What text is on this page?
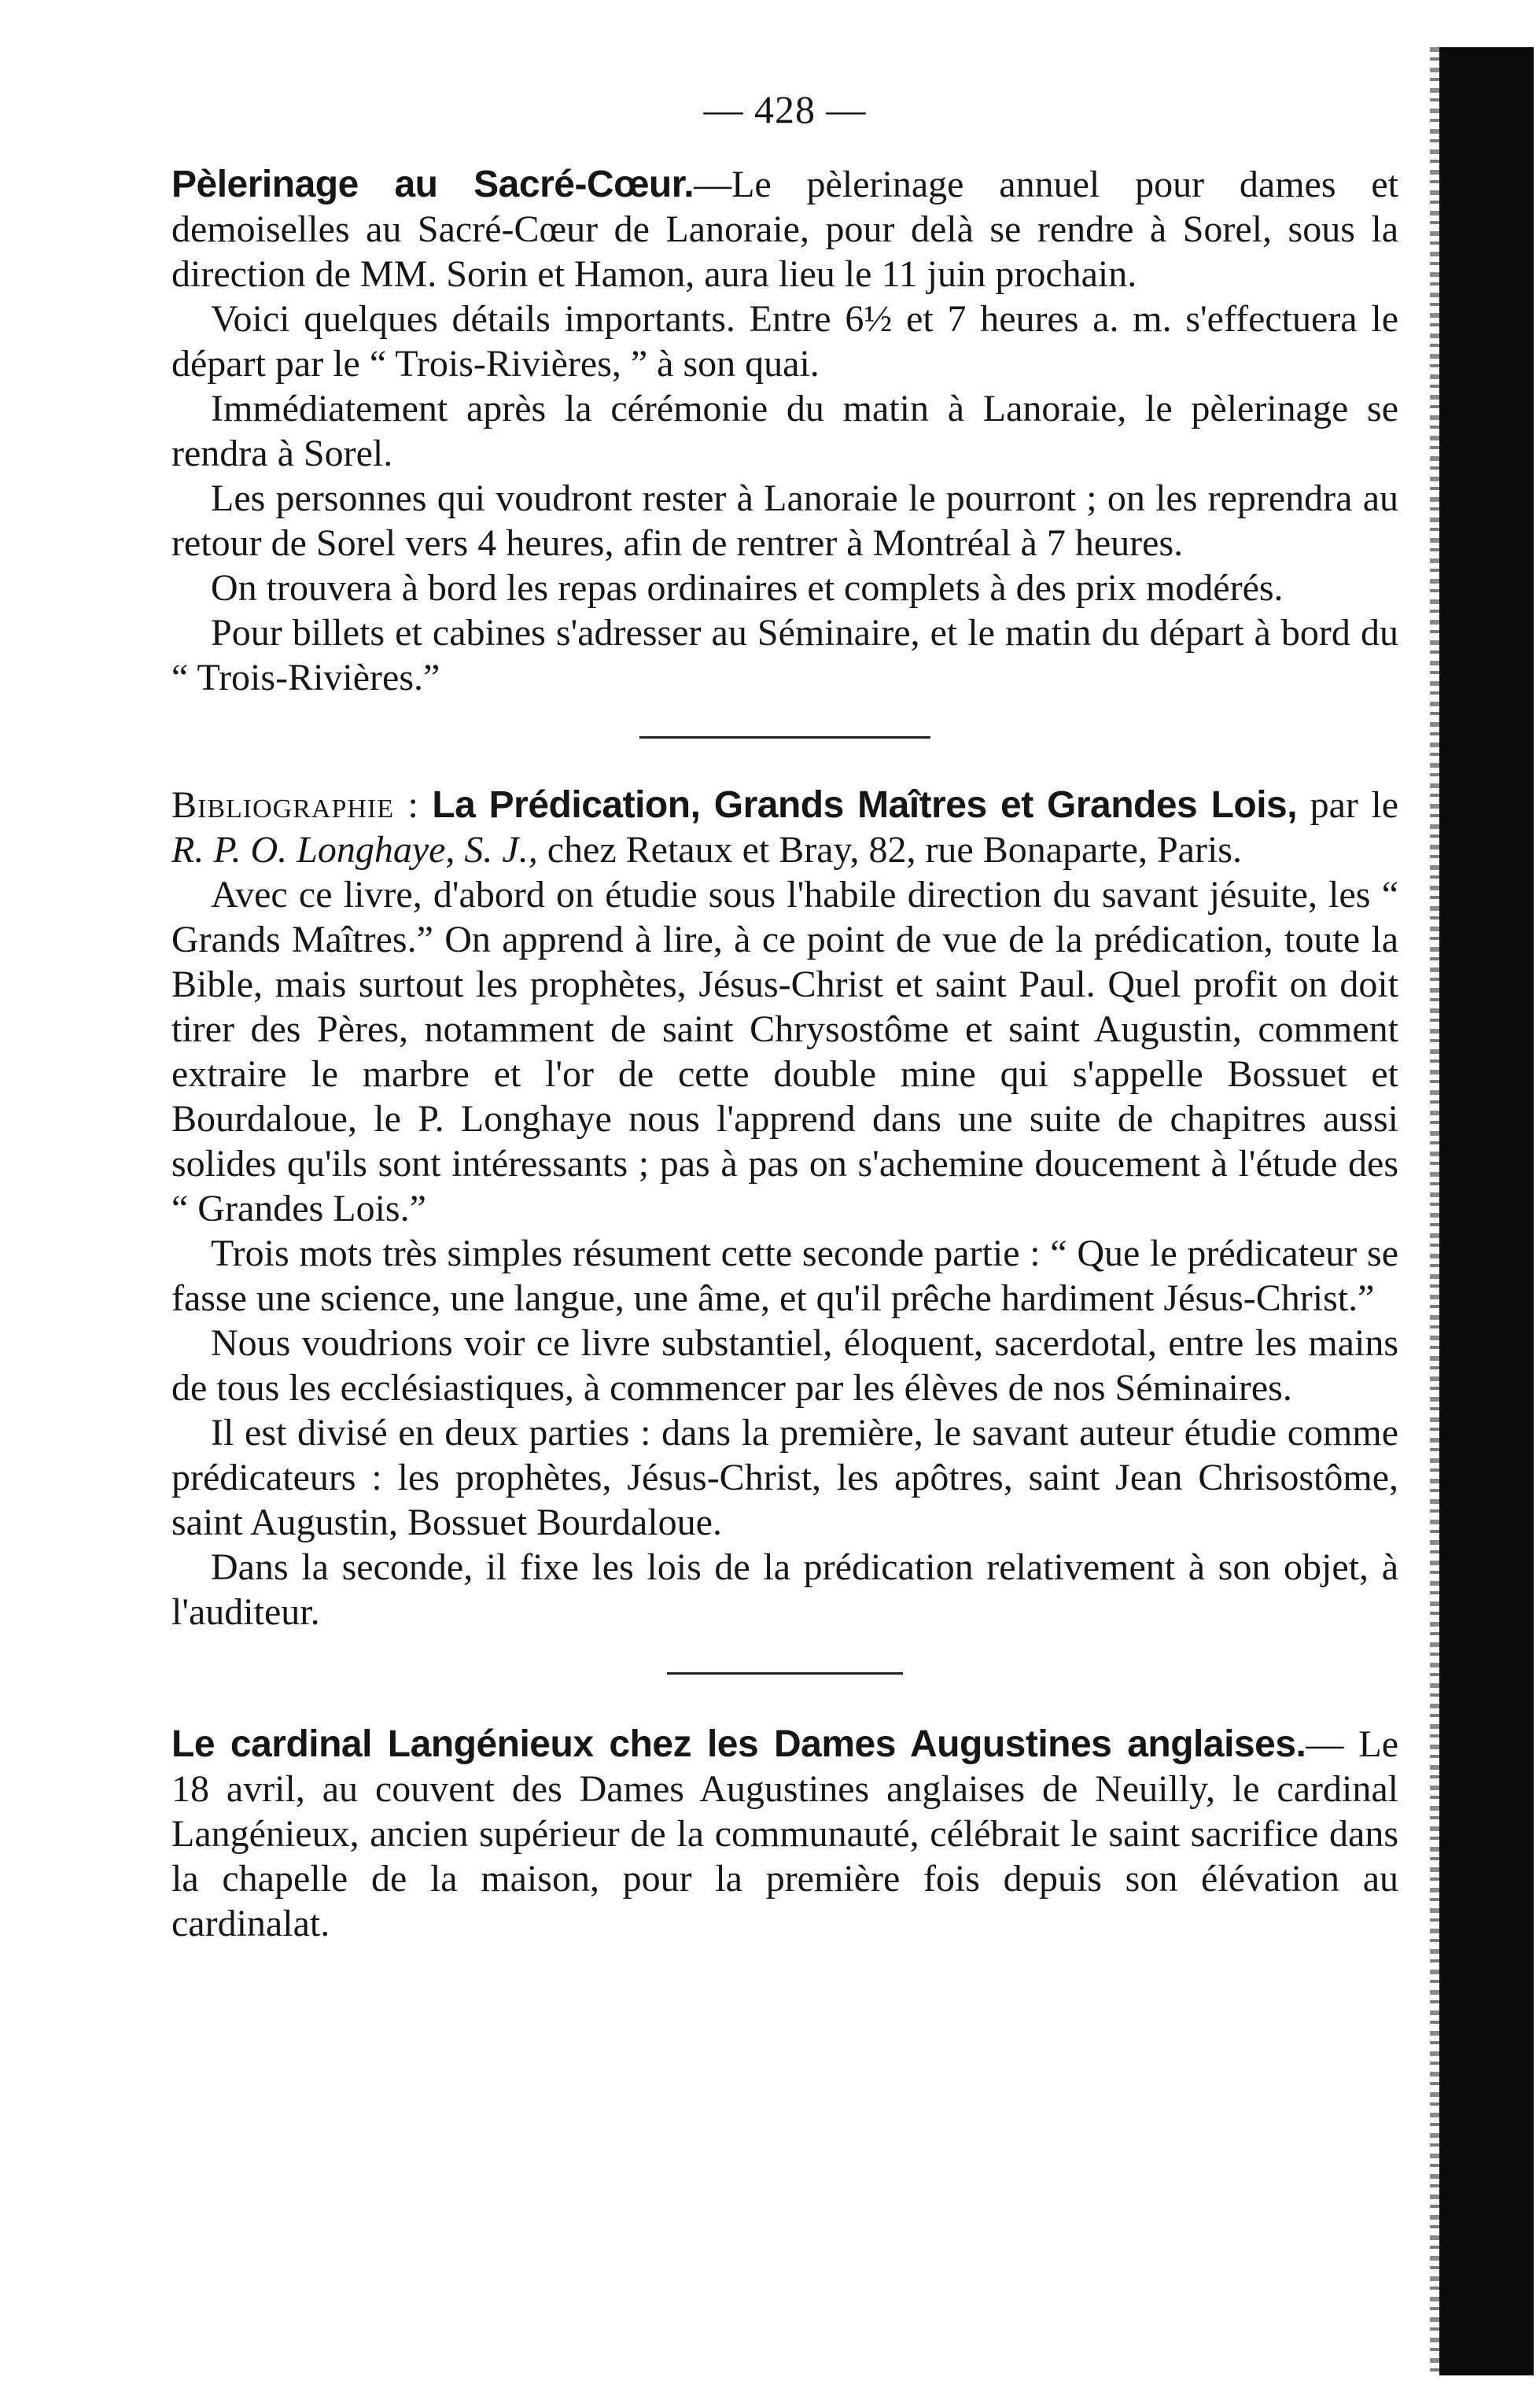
— 428 —

Pèlerinage au Sacré-Cœur.—Le pèlerinage annuel pour dames et demoiselles au Sacré-Cœur de Lanoraie, pour delà se rendre à Sorel, sous la direction de MM. Sorin et Hamon, aura lieu le 11 juin prochain.

Voici quelques détails importants. Entre 6½ et 7 heures a. m. s'effectuera le départ par le “ Trois-Rivières, ” à son quai.

Immédiatement après la cérémonie du matin à Lanoraie, le pèlerinage se rendra à Sorel.

Les personnes qui voudront rester à Lanoraie le pourront ; on les reprendra au retour de Sorel vers 4 heures, afin de rentrer à Montréal à 7 heures.

On trouvera à bord les repas ordinaires et complets à des prix modérés.

Pour billets et cabines s'adresser au Séminaire, et le matin du départ à bord du “ Trois-Rivières.”

Bibliographie : La Prédication, Grands Maîtres et Grandes Lois, par le R. P. O. Longhaye, S. J., chez Retaux et Bray, 82, rue Bonaparte, Paris.

Avec ce livre, d'abord on étudie sous l'habile direction du savant jésuite, les “ Grands Maîtres.” On apprend à lire, à ce point de vue de la prédication, toute la Bible, mais surtout les prophètes, Jésus-Christ et saint Paul. Quel profit on doit tirer des Pères, notamment de saint Chrysostôme et saint Augustin, comment extraire le marbre et l'or de cette double mine qui s'appelle Bossuet et Bourdaloue, le P. Longhaye nous l'apprend dans une suite de chapitres aussi solides qu'ils sont intéressants ; pas à pas on s'achemine doucement à l'étude des “ Grandes Lois.”

Trois mots très simples résument cette seconde partie : “ Que le prédicateur se fasse une science, une langue, une âme, et qu'il prêche hardiment Jésus-Christ.”

Nous voudrions voir ce livre substantiel, éloquent, sacerdotal, entre les mains de tous les ecclésiastiques, à commencer par les élèves de nos Séminaires.

Il est divisé en deux parties : dans la première, le savant auteur étudie comme prédicateurs : les prophètes, Jésus-Christ, les apôtres, saint Jean Chrisostôme, saint Augustin, Bossuet Bourdaloue.

Dans la seconde, il fixe les lois de la prédication relativement à son objet, à l'auditeur.

Le cardinal Langénieux chez les Dames Augustines anglaises.— Le 18 avril, au couvent des Dames Augustines anglaises de Neuilly, le cardinal Langénieux, ancien supérieur de la communauté, célébrait le saint sacrifice dans la chapelle de la maison, pour la première fois depuis son élévation au cardinalat.
